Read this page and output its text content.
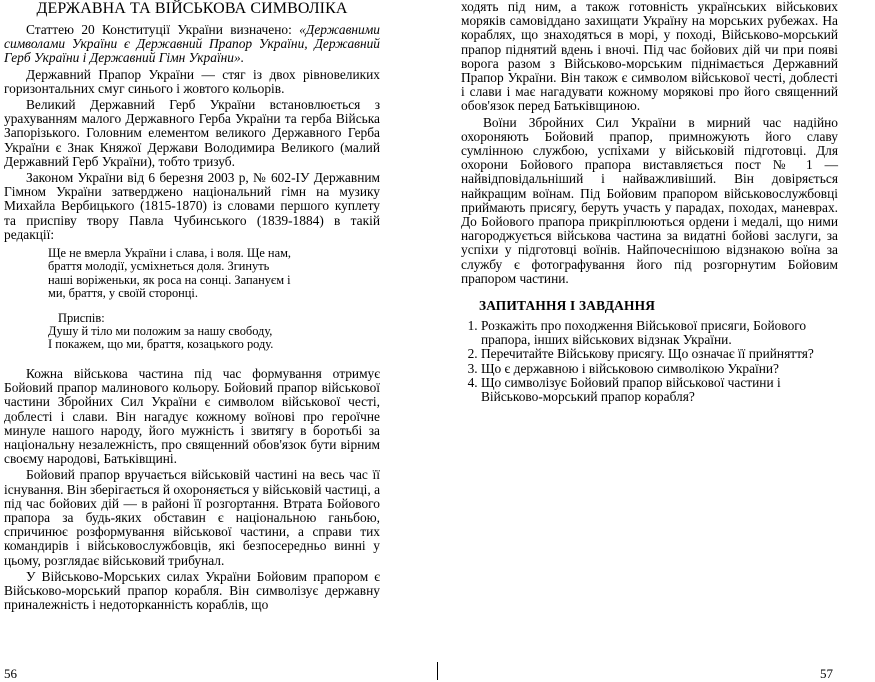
ДЕРЖАВНА ТА ВІЙСЬКОВА СИМВОЛІКА

Статтею 20 Конституції України визначено: «Державними символами України є Державний Прапор України, Державний Герб України і Державний Гімн України».

Державний Прапор України — стяг із двох рівновеликих горизонтальних смуг синього і жовтого кольорів.

Великий Державний Герб України встановлюється з урахуванням малого Державного Герба України та герба Війська Запорізького. Головним елементом великого Державного Герба України є Знак Княжої Держави Володимира Великого (малий Державний Герб України), тобто тризуб.

Законом України від 6 березня 2003 р, № 602-ІУ Державним Гімном України затверджено національний гімн на музику Михайла Вербицького (1815-1870) із словами першого куплету та приспіву твору Павла Чубинського (1839-1884) в такій редакції:

Ще не вмерла України і слава, і воля. Ще нам,
браття молодії, усміхнеться доля. Згинуть
наші воріженьки, як роса на сонці. Запануєм і
ми, браття, у своїй сторонці.
Приспів:
Душу й тіло ми положим за нашу свободу,
І покажем, що ми, браття, козацького роду.

Кожна військова частина під час формування отримує Бойовий прапор малинового кольору. Бойовий прапор військової частини Збройних Сил України є символом військової честі, доблесті і слави. Він нагадує кожному воїнові про героїчне минуле нашого народу, його мужність і звитягу в боротьбі за національну незалежність, про священний обов'язок бути вірним своєму народові, Батьківщині.

Бойовий прапор вручається військовій частині на весь час її існування. Він зберігається й охороняється у військовій частиці, а під час бойових дій — в районі її розгортання. Втрата Бойового прапора за будь-яких обставин є національною ганьбою, спричинює розформування військової частини, а справи тих командирів і військовослужбовців, які безпосередньо винні у цьому, розглядає військовий трибунал.

У Військово-Морських силах України Бойовим прапором є Військово-морський прапор корабля. Він символізує державну приналежність і недоторканність кораблів, що

ходять під ним, а також готовність українських військових моряків самовіддано захищати Україну на морських рубежах. На кораблях, що знаходяться в морі, у поході, Військово-морський прапор піднятий вдень і вночі. Під час бойових дій чи при появі ворога разом з Військово-морським піднімається Державний Прапор України. Він також є символом військової честі, доблесті і слави і має нагадувати кожному морякові про його священний обов'язок перед Батьківщиною.

Воїни Збройних Сил України в мирний час надійно охороняють Бойовий прапор, примножують його славу сумлінною службою, успіхами у військовій підготовці. Для охорони Бойового прапора виставляється пост № 1 — найвідповідальніший і найважливіший. Він довіряється найкращим воїнам. Під Бойовим прапором військовослужбовці приймають присягу, беруть участь у парадах, походах, маневрах. До Бойового прапора прикріплюються ордени і медалі, що ними нагороджується військова частина за видатні бойові заслуги, за успіхи у підготовці воїнів. Найпочеснішою відзнакою воїна за службу є фотографування його під розгорнутим Бойовим прапором частини.

ЗАПИТАННЯ І ЗАВДАННЯ
1. Розкажіть про походження Військової присяги, Бойового прапора, інших військових відзнак України.
2. Перечитайте Військову присягу. Що означає її прийняття?
3. Що є державною і військовою символікою України?
4. Що символізує Бойовий прапор військової частини і Військово-морський прапор корабля?
56	57
